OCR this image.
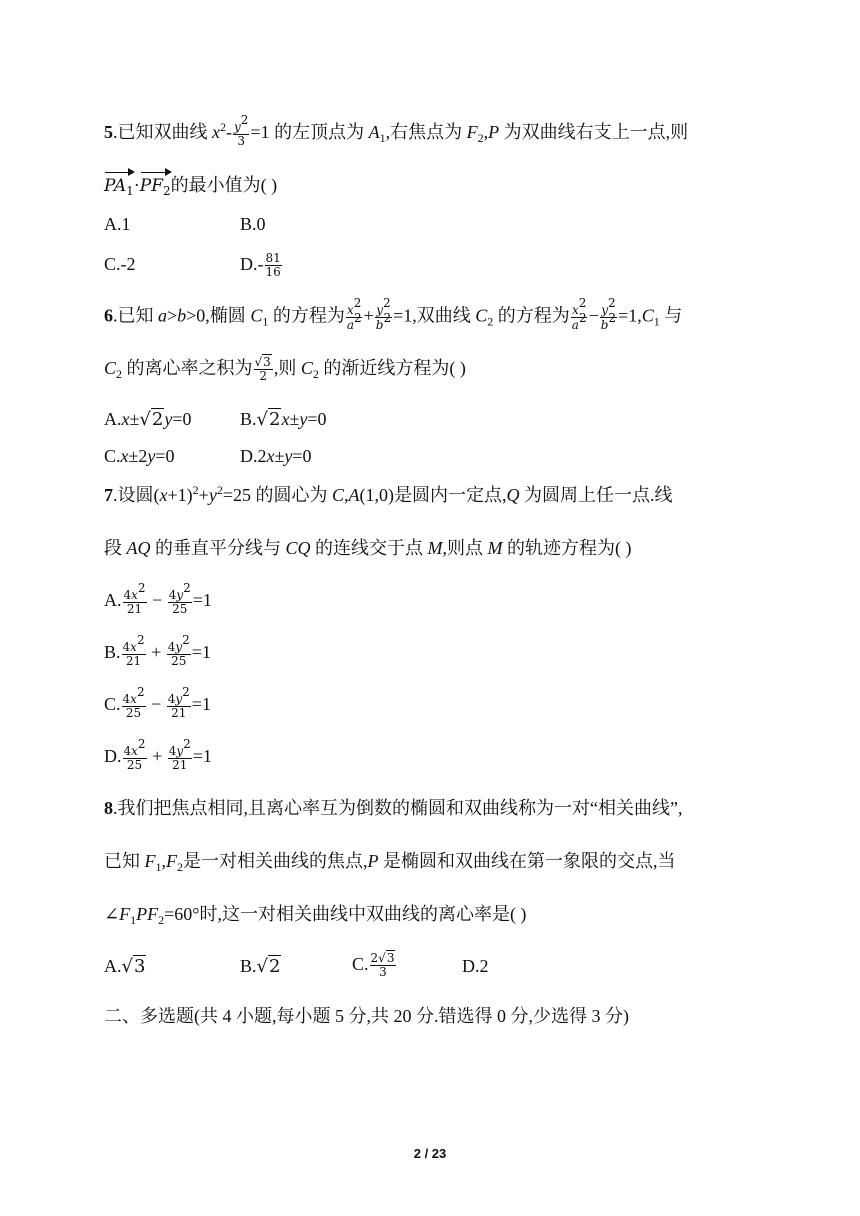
5.已知双曲线 $x^2- \frac{y^2}{3} =1$ 的左顶点为 $A_1$,右焦点为 $F_2,P$ 为双曲线右支上一点,则
$PA_1\cdot PF_2$的最小值为( )
A.1	B.0
C.-2	$D.- \frac{81}{16}$
6.已知 a>b>0,椭圆 $C_1$ 的方程为 $\frac{x^2}{a^2} + \frac{y^2}{b^2} =1$,双曲线 $C_2$ 的方程为 $\frac{x^2}{a^2} - \frac{y^2}{b^2} =1,C_1$ 与
$C_2$ 的离心率之积为 $\frac{√3}{2}$ ,则 $C_2$ 的渐近线方程为( )
A.x±√2y=0	B.√2x±y=0
C.x±2y=0	D.2x±y=0
7.设圆$(x+1)^2+y^2=25$ 的圆心为 C,A(1,0)是圆内一定点,Q 为圆周上任一点.线
段 AQ 的垂直平分线与 CQ 的连线交于点 M,则点 M 的轨迹方程为( )
A. $\frac{4x^2}{21} - \frac{4y^2}{25} =1$
B. $\frac{4x^2}{21} + \frac{4y^2}{25} =1$
C. $\frac{4x^2}{25} - \frac{4y^2}{21} =1$
D. $\frac{4x^2}{25} + \frac{4y^2}{21} =1$
8.我们把焦点相同,且离心率互为倒数的椭圆和双曲线称为一对“相关曲线”,
已知 $F_1,F_2$是一对相关曲线的焦点,P 是椭圆和双曲线在第一象限的交点,当
$\angle F_1PF_2=60^\circ$时,这一对相关曲线中双曲线的离心率是( )
A.√3	B.√2	C. $\frac{2√3}{3}$	D.2
二、多选题(共 4 小题,每小题 5 分,共 20 分.错选得 0 分,少选得 3 分)
2 / 23
